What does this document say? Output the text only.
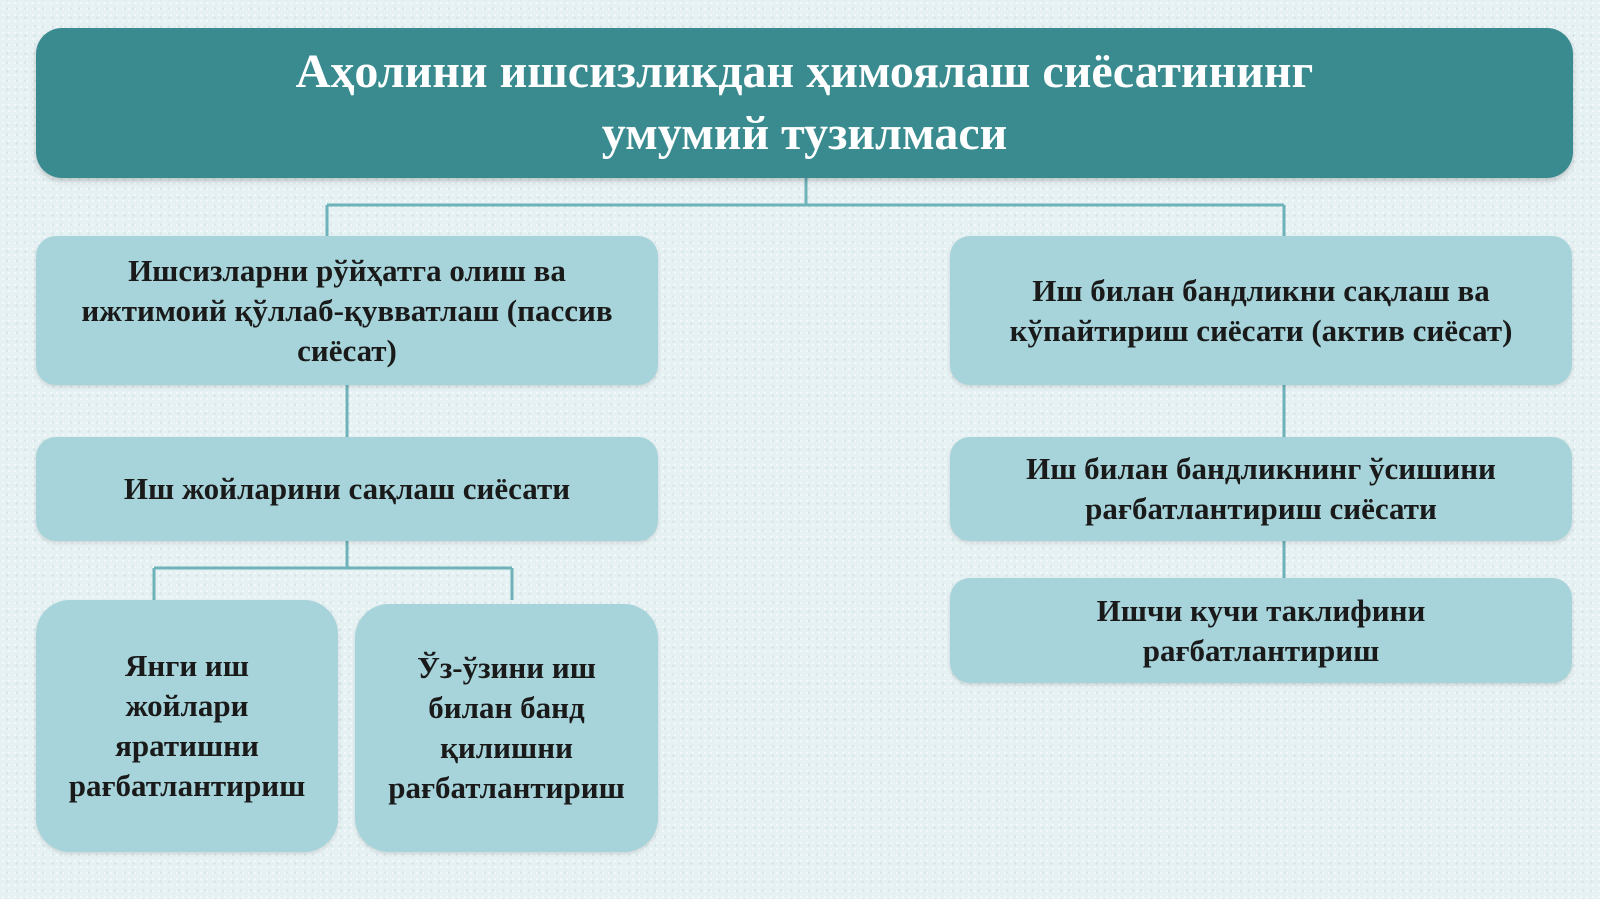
Аҳолини ишсизликдан ҳимоялаш сиёсатининг
умумий тузилмаси
Ишсизларни рўйҳатга олиш ва
ижтимоий қўллаб-қувватлаш (пассив
сиёсат)
Иш жойларини сақлаш сиёсати
Янги иш
жойлари
яратишни
рағбатлантириш
Ўз-ўзини иш
билан банд
қилишни
рағбатлантириш
Иш билан бандликни сақлаш ва
кўпайтириш сиёсати (актив сиёсат)
Иш билан бандликнинг ўсишини
рағбатлантириш сиёсати
Ишчи кучи таклифини
рағбатлантириш
